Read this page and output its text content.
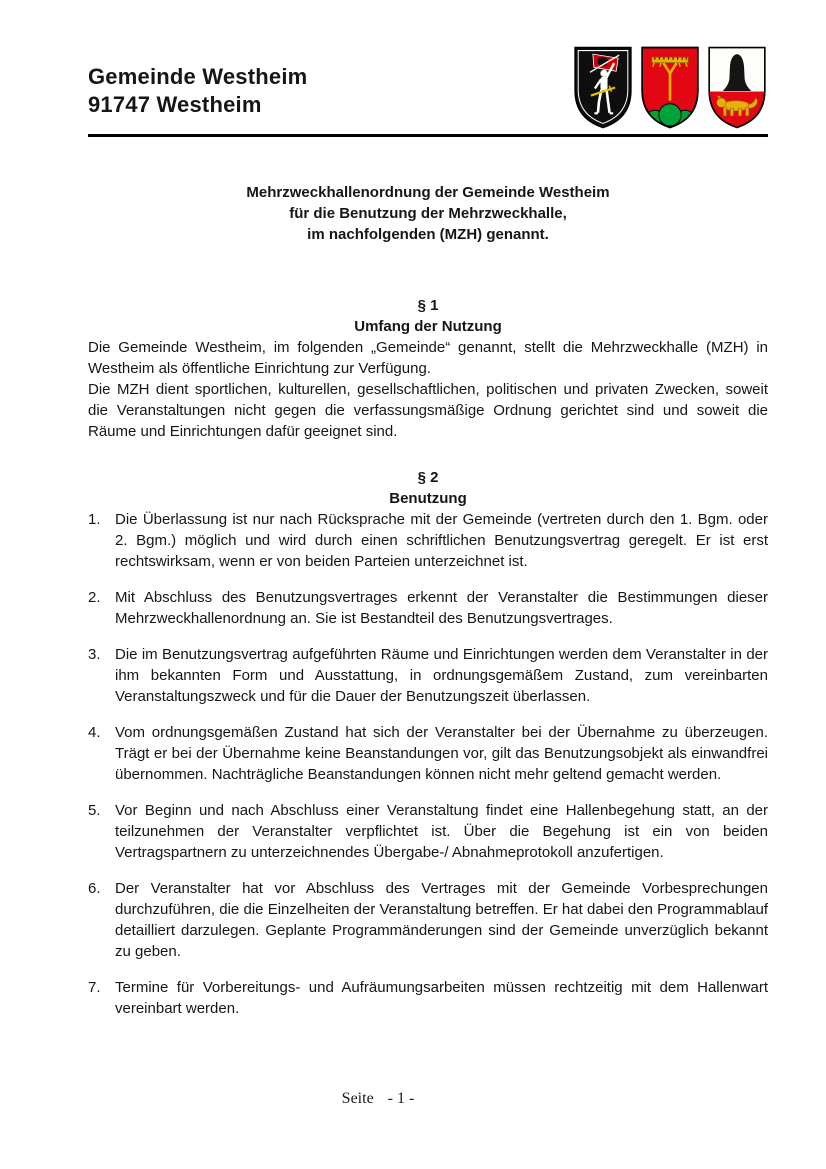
Gemeinde Westheim
91747 Westheim
Mehrzweckhallenordnung der Gemeinde Westheim
für die Benutzung der Mehrzweckhalle,
im nachfolgenden (MZH) genannt.
§ 1
Umfang der Nutzung

Die Gemeinde Westheim, im folgenden „Gemeinde“ genannt, stellt die Mehrzweckhalle (MZH) in Westheim als öffentliche Einrichtung zur Verfügung.

Die MZH dient sportlichen, kulturellen, gesellschaftlichen, politischen und privaten Zwecken, soweit die Veranstaltungen nicht gegen die verfassungsmäßige Ordnung gerichtet sind und soweit die Räume und Einrichtungen dafür geeignet sind.

§ 2
Benutzung
1. Die Überlassung ist nur nach Rücksprache mit der Gemeinde (vertreten durch den 1. Bgm. oder 2. Bgm.) möglich und wird durch einen schriftlichen Benutzungsvertrag geregelt. Er ist erst rechtswirksam, wenn er von beiden Parteien unterzeichnet ist.
2. Mit Abschluss des Benutzungsvertrages erkennt der Veranstalter die Bestimmungen dieser Mehrzweckhallenordnung an. Sie ist Bestandteil des Benutzungsvertrages.
3. Die im Benutzungsvertrag aufgeführten Räume und Einrichtungen werden dem Veranstalter in der ihm bekannten Form und Ausstattung, in ordnungsgemäßem Zustand, zum vereinbarten Veranstaltungszweck und für die Dauer der Benutzungszeit überlassen.
4. Vom ordnungsgemäßen Zustand hat sich der Veranstalter bei der Übernahme zu überzeugen. Trägt er bei der Übernahme keine Beanstandungen vor, gilt das Benutzungsobjekt als einwandfrei übernommen. Nachträgliche Beanstandungen können nicht mehr geltend gemacht werden.
5. Vor Beginn und nach Abschluss einer Veranstaltung findet eine Hallenbegehung statt, an der teilzunehmen der Veranstalter verpflichtet ist. Über die Begehung ist ein von beiden Vertragspartnern zu unterzeichnendes Übergabe-/ Abnahmeprotokoll anzufertigen.
6. Der Veranstalter hat vor Abschluss des Vertrages mit der Gemeinde Vorbesprechungen durchzuführen, die die Einzelheiten der Veranstaltung betreffen. Er hat dabei den Programmablauf detailliert darzulegen. Geplante Programmänderungen sind der Gemeinde unverzüglich bekannt zu geben.
7. Termine für Vorbereitungs- und Aufräumungsarbeiten müssen rechtzeitig mit dem Hallenwart vereinbart werden.
Seite - 1 -
